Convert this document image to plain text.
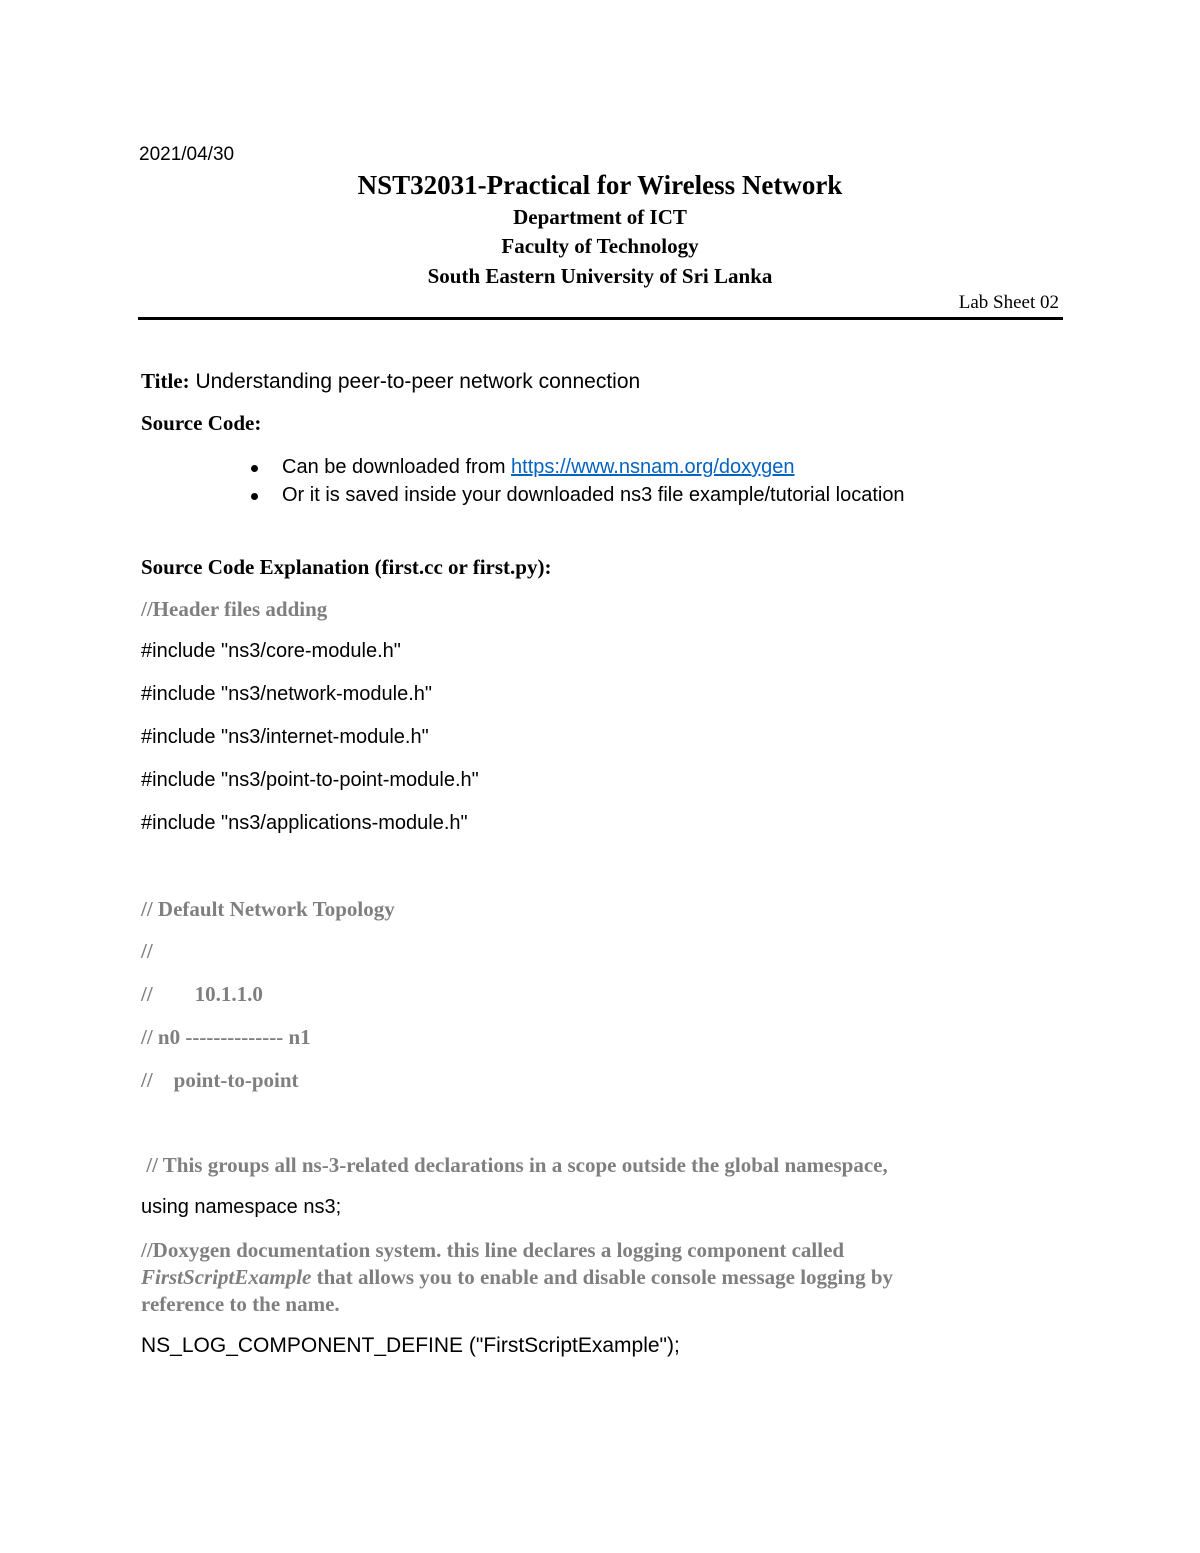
2021/04/30
NST32031-Practical for Wireless Network
Department of ICT
Faculty of Technology
South Eastern University of Sri Lanka
Lab Sheet 02
Title: Understanding peer-to-peer network connection
Source Code:
Can be downloaded from https://www.nsnam.org/doxygen
Or it is saved inside your downloaded ns3 file example/tutorial location
Source Code Explanation (first.cc or first.py):
//Header files adding
#include "ns3/core-module.h"
#include "ns3/network-module.h"
#include "ns3/internet-module.h"
#include "ns3/point-to-point-module.h"
#include "ns3/applications-module.h"
// Default Network Topology
//
//        10.1.1.0
// n0 -------------- n1
//    point-to-point
// This groups all ns-3-related declarations in a scope outside the global namespace,
using namespace ns3;
//Doxygen documentation system. this line declares a logging component called
FirstScriptExample that allows you to enable and disable console message logging by
reference to the name.
NS_LOG_COMPONENT_DEFINE ("FirstScriptExample");
